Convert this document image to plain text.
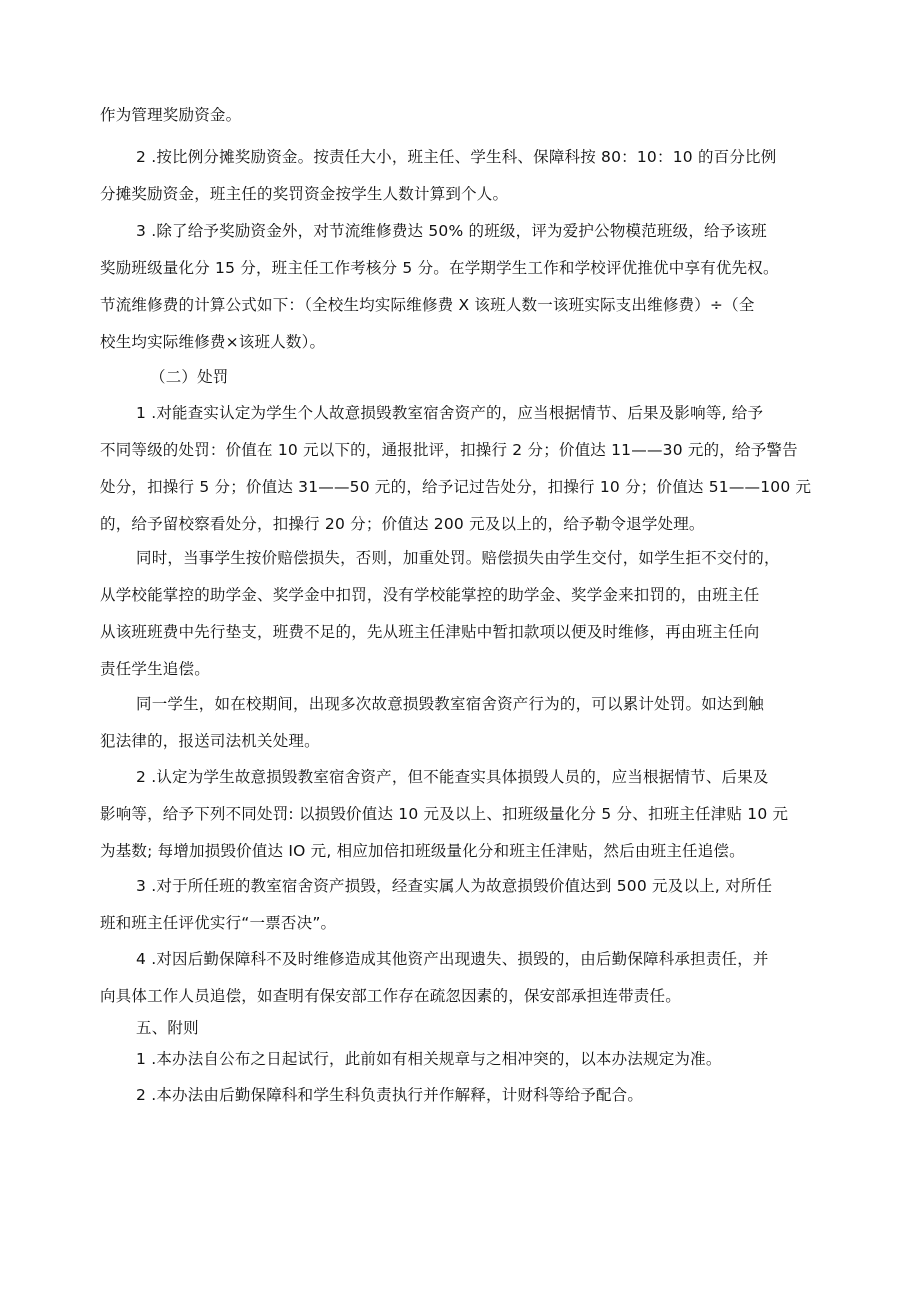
作为管理奖励资金。

2 .按比例分摊奖励资金。按责任大小，班主任、学生科、保障科按 80：10：10 的百分比例
分摊奖励资金，班主任的奖罚资金按学生人数计算到个人。

3 .除了给予奖励资金外，对节流维修费达 50% 的班级，评为爱护公物模范班级，给予该班
奖励班级量化分 15 分，班主任工作考核分 5 分。在学期学生工作和学校评优推优中享有优先权。
节流维修费的计算公式如下：（全校生均实际维修费 X 该班人数一该班实际支出维修费）÷（全
校生均实际维修费×该班人数）。

（二）处罚

1 .对能查实认定为学生个人故意损毁教室宿舍资产的，应当根据情节、后果及影响等, 给予
不同等级的处罚：价值在 10 元以下的，通报批评，扣操行 2 分；价值达 11——30 元的，给予警告
处分，扣操行 5 分；价值达 31——50 元的，给予记过告处分，扣操行 10 分；价值达 51——100 元
的，给予留校察看处分，扣操行 20 分；价值达 200 元及以上的，给予勒令退学处理。

同时，当事学生按价赔偿损失，否则，加重处罚。赔偿损失由学生交付，如学生拒不交付的，
从学校能掌控的助学金、奖学金中扣罚，没有学校能掌控的助学金、奖学金来扣罚的，由班主任
从该班班费中先行垫支，班费不足的，先从班主任津贴中暂扣款项以便及时维修，再由班主任向
责任学生追偿。

同一学生，如在校期间，出现多次故意损毁教室宿舍资产行为的，可以累计处罚。如达到触
犯法律的，报送司法机关处理。

2 .认定为学生故意损毁教室宿舍资产，但不能查实具体损毁人员的，应当根据情节、后果及
影响等，给予下列不同处罚: 以损毁价值达 10 元及以上、扣班级量化分 5 分、扣班主任津贴 10 元
为基数; 每增加损毁价值达 IO 元, 相应加倍扣班级量化分和班主任津贴，然后由班主任追偿。

3 .对于所任班的教室宿舍资产损毁，经查实属人为故意损毁价值达到 500 元及以上, 对所任
班和班主任评优实行“一票否决”。

4 .对因后勤保障科不及时维修造成其他资产出现遗失、损毁的，由后勤保障科承担责任，并
向具体工作人员追偿，如查明有保安部工作存在疏忽因素的，保安部承担连带责任。

五、附则

1 .本办法自公布之日起试行，此前如有相关规章与之相冲突的，以本办法规定为准。

2 .本办法由后勤保障科和学生科负责执行并作解释，计财科等给予配合。
